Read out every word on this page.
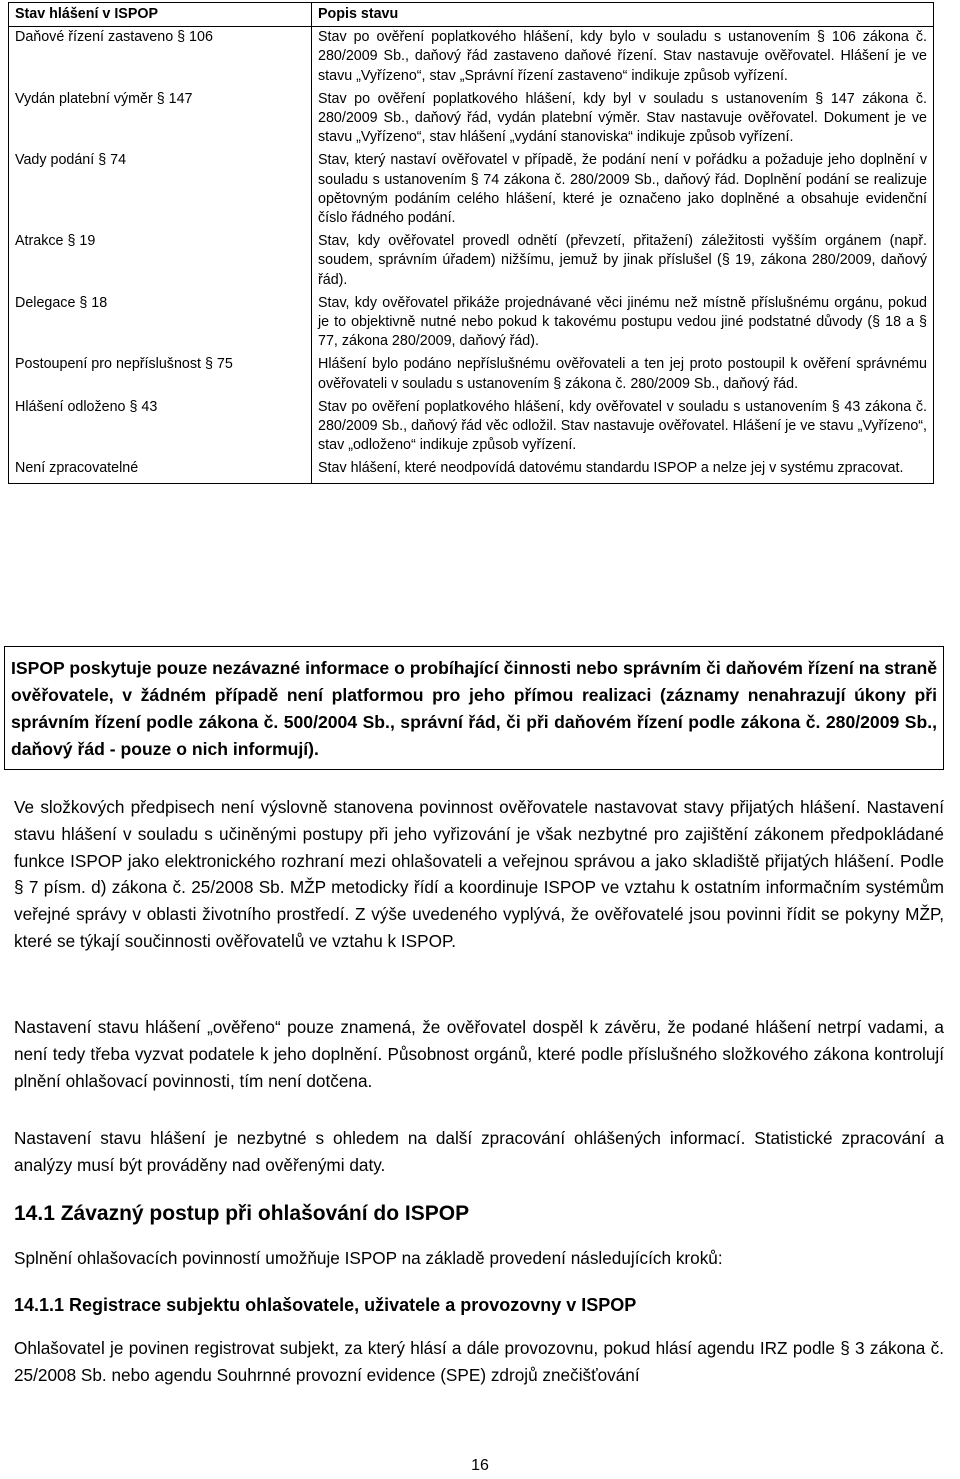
Stav hlášení v ISPOP	Popis stavu
Daňové řízení zastaveno § 106	Stav po ověření poplatkového hlášení, kdy bylo v souladu s ustanovením § 106 zákona č. 280/2009 Sb., daňový řád zastaveno daňové řízení. Stav nastavuje ověřovatel. Hlášení je ve stavu „Vyřízeno“, stav „Správní řízení zastaveno“ indikuje způsob vyřízení.
Vydán platební výměr § 147	Stav po ověření poplatkového hlášení, kdy byl v souladu s ustanovením § 147 zákona č. 280/2009 Sb., daňový řád, vydán platební výměr. Stav nastavuje ověřovatel. Dokument je ve stavu „Vyřízeno“, stav hlášení „vydání stanoviska“ indikuje způsob vyřízení.
Vady podání § 74	Stav, který nastaví ověřovatel v případě, že podání není v pořádku a požaduje jeho doplnění v souladu s ustanovením § 74 zákona č. 280/2009 Sb., daňový řád. Doplnění podání se realizuje opětovným podáním celého hlášení, které je označeno jako doplněné a obsahuje evidenční číslo řádného podání.
Atrakce § 19	Stav, kdy ověřovatel provedl odnětí (převzetí, přitažení) záležitosti vyšším orgánem (např. soudem, správním úřadem) nižšímu, jemuž by jinak příslušel (§ 19, zákona 280/2009, daňový řád).
Delegace § 18	Stav, kdy ověřovatel přikáže projednávané věci jinému než místně příslušnému orgánu, pokud je to objektivně nutné nebo pokud k takovému postupu vedou jiné podstatné důvody (§ 18 a § 77, zákona 280/2009, daňový řád).
Postoupení pro nepříslušnost § 75	Hlášení bylo podáno nepříslušnému ověřovateli a ten jej proto postoupil k ověření správnému ověřovateli v souladu s ustanovením § zákona č. 280/2009 Sb., daňový řád.
Hlášení odloženo § 43	Stav po ověření poplatkového hlášení, kdy ověřovatel v souladu s ustanovením § 43 zákona č. 280/2009 Sb., daňový řád věc odložil. Stav nastavuje ověřovatel. Hlášení je ve stavu „Vyřízeno“, stav „odloženo“ indikuje způsob vyřízení.
Není zpracovatelné	Stav hlášení, které neodpovídá datovému standardu ISPOP a nelze jej v systému zpracovat.
ISPOP poskytuje pouze nezávazné informace o probíhající činnosti nebo správním či daňovém řízení na straně ověřovatele, v žádném případě není platformou pro jeho přímou realizaci (záznamy nenahrazují úkony při správním řízení podle zákona č. 500/2004 Sb., správní řád, či při daňovém řízení podle zákona č. 280/2009 Sb., daňový řád - pouze o nich informují).

Ve složkových předpisech není výslovně stanovena povinnost ověřovatele nastavovat stavy přijatých hlášení. Nastavení stavu hlášení v souladu s učiněnými postupy při jeho vyřizování je však nezbytné pro zajištění zákonem předpokládané funkce ISPOP jako elektronického rozhraní mezi ohlašovateli a veřejnou správou a jako skladiště přijatých hlášení. Podle § 7 písm. d) zákona č. 25/2008 Sb. MŽP metodicky řídí a koordinuje ISPOP ve vztahu k ostatním informačním systémům veřejné správy v oblasti životního prostředí. Z výše uvedeného vyplývá, že ověřovatelé jsou povinni řídit se pokyny MŽP, které se týkají součinnosti ověřovatelů ve vztahu k ISPOP.

Nastavení stavu hlášení „ověřeno“ pouze znamená, že ověřovatel dospěl k závěru, že podané hlášení netrpí vadami, a není tedy třeba vyzvat podatele k jeho doplnění. Působnost orgánů, které podle příslušného složkového zákona kontrolují plnění ohlašovací povinnosti, tím není dotčena.

Nastavení stavu hlášení je nezbytné s ohledem na další zpracování ohlášených informací. Statistické zpracování a analýzy musí být prováděny nad ověřenými daty.

14.1 Závazný postup při ohlašování do ISPOP

Splnění ohlašovacích povinností umožňuje ISPOP na základě provedení následujících kroků:

14.1.1 Registrace subjektu ohlašovatele, uživatele a provozovny v ISPOP

Ohlašovatel je povinen registrovat subjekt, za který hlásí a dále provozovnu, pokud hlásí agendu IRZ podle § 3 zákona č. 25/2008 Sb. nebo agendu Souhrnné provozní evidence (SPE) zdrojů znečišťování

16
